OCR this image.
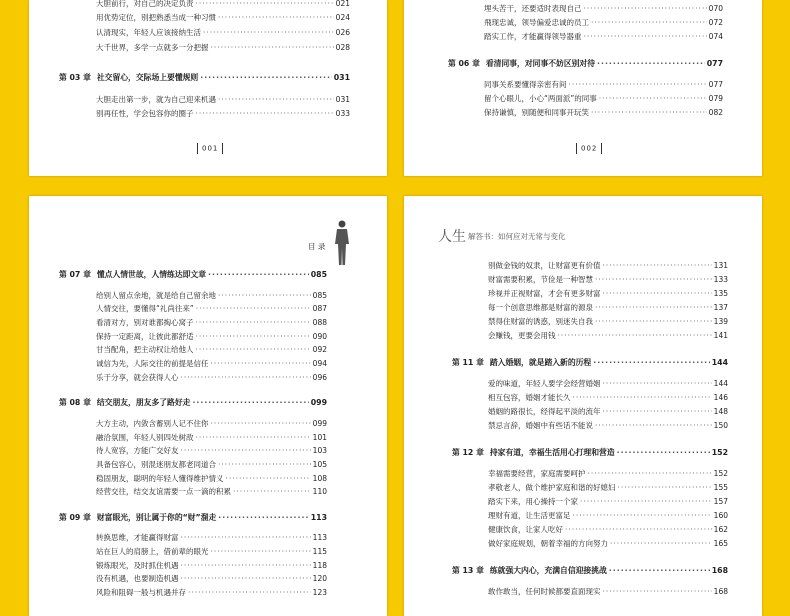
大胆前行，对自己的决定负责 ·····	021
用优势定位，别把熟悉当成一种习惯 ·····	024
认清现实，年轻人应该接纳生活 ·····	026
大千世界，多学一点就多一分把握 ·····	028
第 03 章 社交留心，交际场上要懂规则 ·····	031
大胆走出第一步，就为自己迎来机遇 ·····	031
别再任性，学会包容你的圈子 ·····	033
001
埋头苦干，还要适时表现自己 ·····	070
飛现忠诚，领导偏爱忠诚的员工 ·····	072
踏实工作，才能赢得领导器重 ·····	074
第 06 章 看清同事，对同事不妨区别对待 ·····	077
同事关系要懂得亲密有间 ·····	077
留个心眼儿，小心“两面派”的同事 ·····	079
保持谦慎，别随便和同事开玩笑 ·····	082
002
目 录
第 07 章 懂点人情世故，人情练达即文章 ·····	085
给别人留点余地，就是给自己留余地 ·····	085
人情交往，要懂得“礼尚往来” ·····	087
看清对方，别对谁都掏心窝子 ·····	088
保持一定距离，让彼此都舒适 ·····	090
甘当配角，把主动权让给他人 ·····	092
诚信为先，人际交往的前提是信任 ·····	094
乐于分享，就会获得人心 ·····	096
第 08 章 结交朋友，朋友多了路好走 ·····	099
大方主动，内敛含蓄别人记不住你 ·····	099
融洽氛围，年轻人别四处树敌 ·····	101
待人宽容，方能广交好友 ·····	103
具备包容心，别混迷朋友都老同道合 ·····	105
稳固朋友，聪明的年轻人懂得维护情义 ·····	108
经营交往，结交友谊需要一点一滴的积累 ·····	110
第 09 章 财富眼光，别让属于你的“财”溜走 ·····	113
转换思维，才能赢得财富 ·····	113
站在巨人的肩膀上，借前辈的眼光 ·····	115
锻炼眼光，及时抓住机遇 ·····	118
没有机遇，也要制造机遇 ·····	120
风险和阻碍一般与机遇并存 ·····	123
人生 解答书：如何应对无常与变化
别做金钱的奴隶，让财富更有价值 ·····	131
财富需要积累，节俭是一种智慧 ·····	133
珍视并正视财富，才会有更多财富 ·····	135
每一个创意思维都是财富的源泉 ·····	137
禁得住财富的诱惑，别迷失自我 ·····	139
会赚钱，更要会用钱 ·····	141
第 11 章 踏入婚姻，就是踏入新的历程 ·····	144
爱的味道，年轻人要学会经营婚姻 ·····	144
相互包容，婚姻才能长久 ·····	146
婚姻的路很长，经得起平淡的流年 ·····	148
禁忌言辞，婚姻中有些话不能说 ·····	150
第 12 章 持家有道，幸福生活用心打理和营造 ·····	152
幸福需要经营，家庭需要呵护 ·····	152
孝敬老人，做个维护家庭和谐的好媳妇 ·····	155
踏实下来，用心操持一个家 ·····	157
理财有道，让生活更富足 ·····	160
健康饮食，让家人吃好 ·····	162
做好家庭规划，朝着幸福的方向努力 ·····	165
第 13 章 练就强大内心，充满自信迎接挑战 ·····	168
敢作敢当，任何时候都要直面现实 ·····	168
